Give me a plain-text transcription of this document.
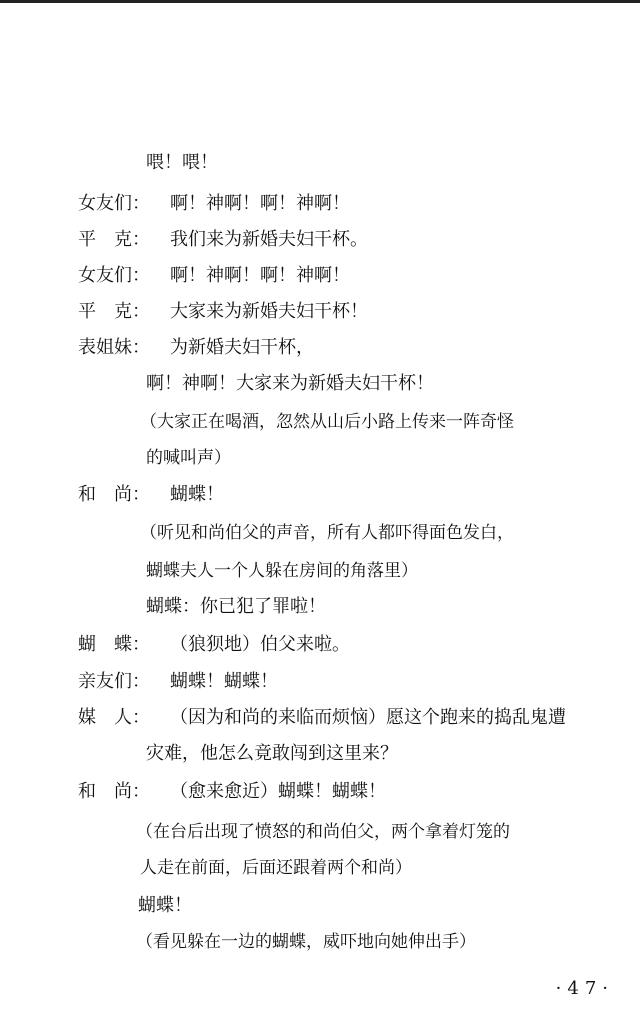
喂！喂！
女友们： 啊！神啊！啊！神啊！
平　克： 我们来为新婚夫妇干杯。
女友们： 啊！神啊！啊！神啊！
平　克： 大家来为新婚夫妇干杯！
表姐妹： 为新婚夫妇干杯，
啊！神啊！大家来为新婚夫妇干杯！
（大家正在喝酒，忽然从山后小路上传来一阵奇怪
的喊叫声）
和　尚： 蝴蝶！
（听见和尚伯父的声音，所有人都吓得面色发白，
蝴蝶夫人一个人躲在房间的角落里）
蝴蝶：你已犯了罪啦！
蝴　蝶： （狼狈地）伯父来啦。
亲友们： 蝴蝶！蝴蝶！
媒　人： （因为和尚的来临而烦恼）愿这个跑来的捣乱鬼遭
灾难，他怎么竟敢闯到这里来？
和　尚： （愈来愈近）蝴蝶！蝴蝶！
（在台后出现了愤怒的和尚伯父，两个拿着灯笼的
人走在前面，后面还跟着两个和尚）
蝴蝶！
（看见躲在一边的蝴蝶，威吓地向她伸出手）
·47·
